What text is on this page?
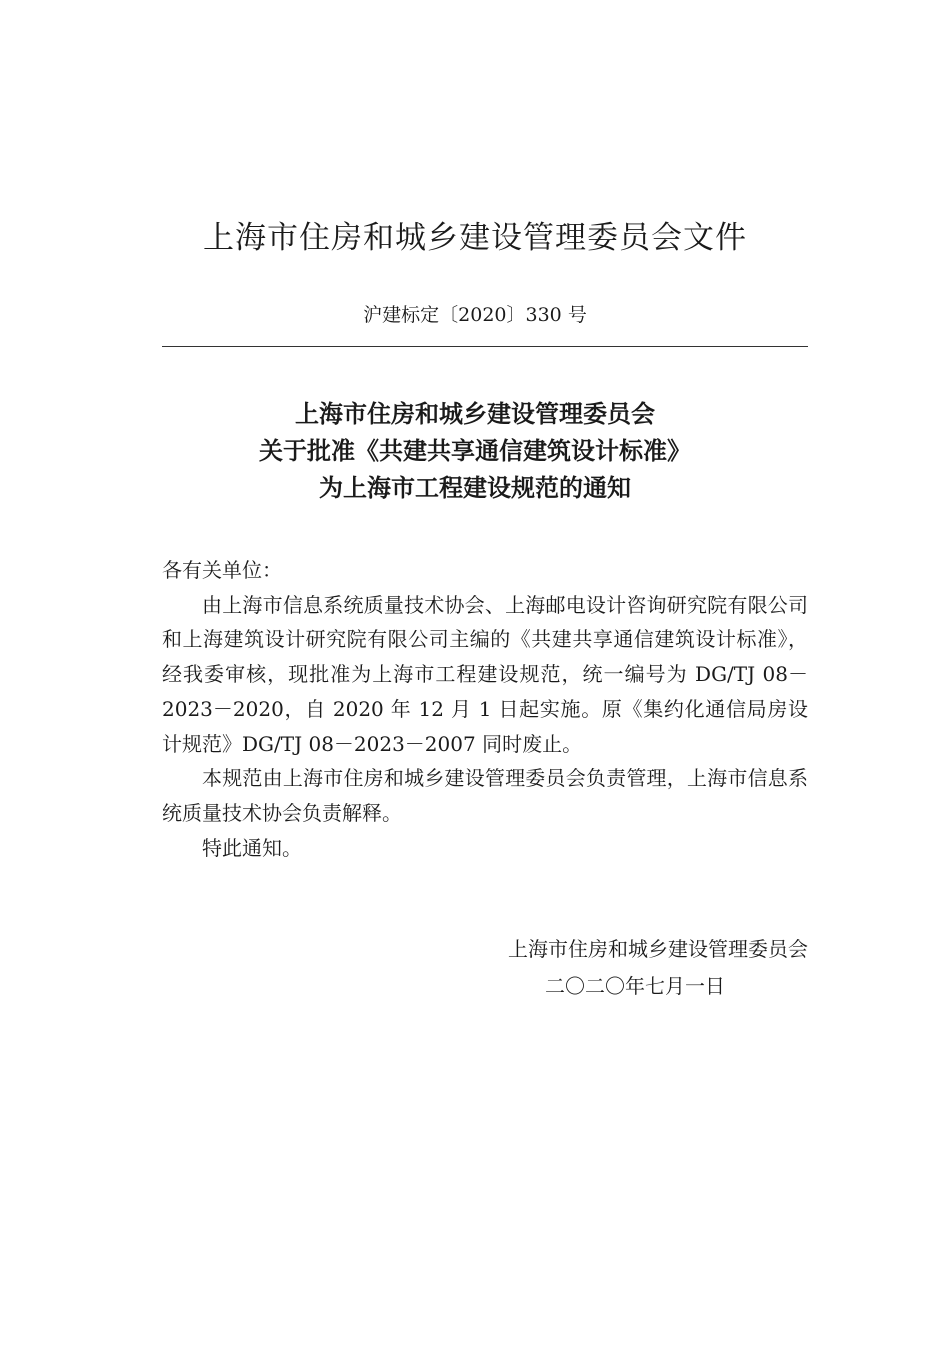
上海市住房和城乡建设管理委员会文件
沪建标定〔2020〕330 号
上海市住房和城乡建设管理委员会
关于批准《共建共享通信建筑设计标准》
为上海市工程建设规范的通知

各有关单位：

由上海市信息系统质量技术协会、上海邮电设计咨询研究院有限公司和上海建筑设计研究院有限公司主编的《共建共享通信建筑设计标准》，经我委审核，现批准为上海市工程建设规范，统一编号为 DG/TJ 08－2023－2020，自 2020 年 12 月 1 日起实施。原《集约化通信局房设计规范》DG/TJ 08－2023－2007 同时废止。

本规范由上海市住房和城乡建设管理委员会负责管理，上海市信息系统质量技术协会负责解释。

特此通知。

上海市住房和城乡建设管理委员会
二〇二〇年七月一日
